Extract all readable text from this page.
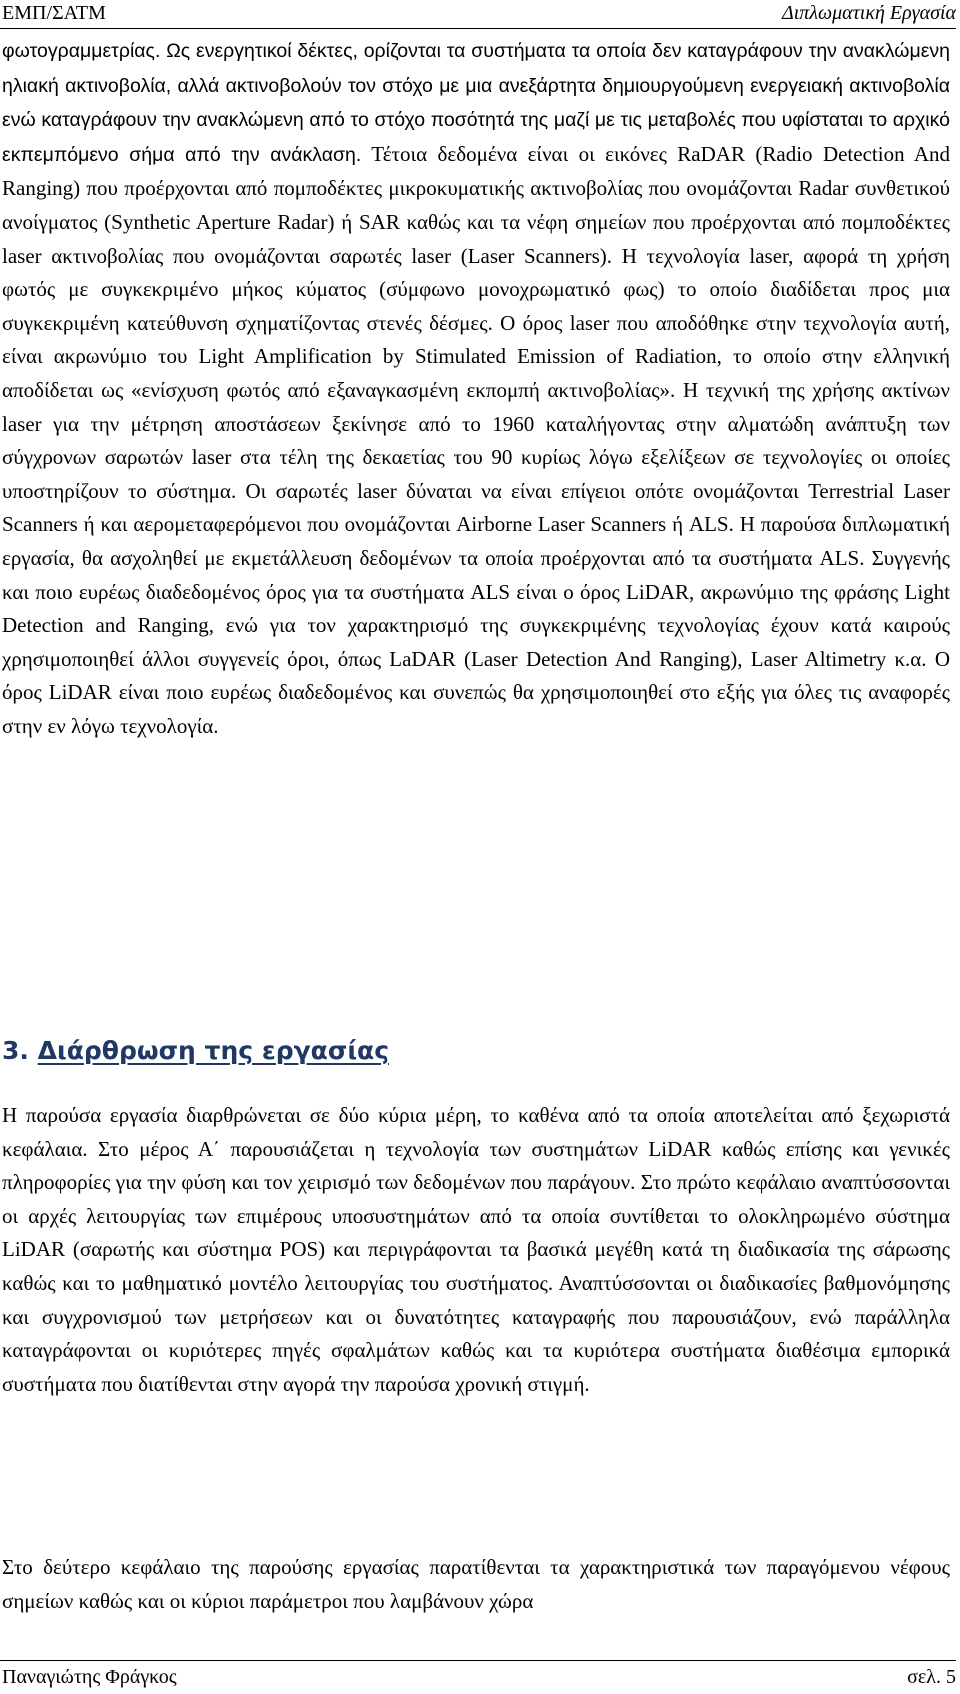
ΕΜΠ/ΣΑΤΜ	Διπλωματική Εργασία

φωτογραμμετρίας. Ως ενεργητικοί δέκτες, ορίζονται τα συστήματα τα οποία δεν καταγράφουν την ανακλώμενη ηλιακή ακτινοβολία, αλλά ακτινοβολούν τον στόχο με μια ανεξάρτητα δημιουργούμενη ενεργειακή ακτινοβολία ενώ καταγράφουν την ανακλώμενη από το στόχο ποσότητά της μαζί με τις μεταβολές που υφίσταται το αρχικό εκπεμπόμενο σήμα από την ανάκλαση. Τέτοια δεδομένα είναι οι εικόνες RaDAR (Radio Detection And Ranging) που προέρχονται από πομποδέκτες μικροκυματικής ακτινοβολίας που ονομάζονται Radar συνθετικού ανοίγματος (Synthetic Aperture Radar) ή SAR καθώς και τα νέφη σημείων που προέρχονται από πομποδέκτες laser ακτινοβολίας που ονομάζονται σαρωτές laser (Laser Scanners). Η τεχνολογία laser, αφορά τη χρήση φωτός με συγκεκριμένο μήκος κύματος (σύμφωνο μονοχρωματικό φως) το οποίο διαδίδεται προς μια συγκεκριμένη κατεύθυνση σχηματίζοντας στενές δέσμες. Ο όρος laser που αποδόθηκε στην τεχνολογία αυτή, είναι ακρωνύμιο του Light Amplification by Stimulated Emission of Radiation, το οποίο στην ελληνική αποδίδεται ως «ενίσχυση φωτός από εξαναγκασμένη εκπομπή ακτινοβολίας». Η τεχνική της χρήσης ακτίνων laser για την μέτρηση αποστάσεων ξεκίνησε από το 1960 καταλήγοντας στην αλματώδη ανάπτυξη των σύγχρονων σαρωτών laser στα τέλη της δεκαετίας του 90 κυρίως λόγω εξελίξεων σε τεχνολογίες οι οποίες υποστηρίζουν το σύστημα. Οι σαρωτές laser δύναται να είναι επίγειοι οπότε ονομάζονται Terrestrial Laser Scanners ή και αερομεταφερόμενοι που ονομάζονται Airborne Laser Scanners ή ALS. Η παρούσα διπλωματική εργασία, θα ασχοληθεί με εκμετάλλευση δεδομένων τα οποία προέρχονται από τα συστήματα ALS. Συγγενής και ποιο ευρέως διαδεδομένος όρος για τα συστήματα ALS είναι ο όρος LiDAR, ακρωνύμιο της φράσης Light Detection and Ranging, ενώ για τον χαρακτηρισμό της συγκεκριμένης τεχνολογίας έχουν κατά καιρούς χρησιμοποιηθεί άλλοι συγγενείς όροι, όπως LaDAR (Laser Detection And Ranging), Laser Altimetry κ.α. Ο όρος LiDAR είναι ποιο ευρέως διαδεδομένος και συνεπώς θα χρησιμοποιηθεί στο εξής για όλες τις αναφορές στην εν λόγω τεχνολογία.

3. Διάρθρωση της εργασίας

Η παρούσα εργασία διαρθρώνεται σε δύο κύρια μέρη, το καθένα από τα οποία αποτελείται από ξεχωριστά κεφάλαια. Στο μέρος Α΄ παρουσιάζεται η τεχνολογία των συστημάτων LiDAR καθώς επίσης και γενικές πληροφορίες για την φύση και τον χειρισμό των δεδομένων που παράγουν. Στο πρώτο κεφάλαιο αναπτύσσονται οι αρχές λειτουργίας των επιμέρους υποσυστημάτων από τα οποία συντίθεται το ολοκληρωμένο σύστημα LiDAR (σαρωτής και σύστημα POS) και περιγράφονται τα βασικά μεγέθη κατά τη διαδικασία της σάρωσης καθώς και το μαθηματικό μοντέλο λειτουργίας του συστήματος. Αναπτύσσονται οι διαδικασίες βαθμονόμησης και συγχρονισμού των μετρήσεων και οι δυνατότητες καταγραφής που παρουσιάζουν, ενώ παράλληλα καταγράφονται οι κυριότερες πηγές σφαλμάτων καθώς και τα κυριότερα συστήματα διαθέσιμα εμπορικά συστήματα που διατίθενται στην αγορά την παρούσα χρονική στιγμή.

Στο δεύτερο κεφάλαιο της παρούσης εργασίας παρατίθενται τα χαρακτηριστικά των παραγόμενου νέφους σημείων καθώς και οι κύριοι παράμετροι που λαμβάνουν χώρα

Παναγιώτης Φράγκος	σελ. 5
